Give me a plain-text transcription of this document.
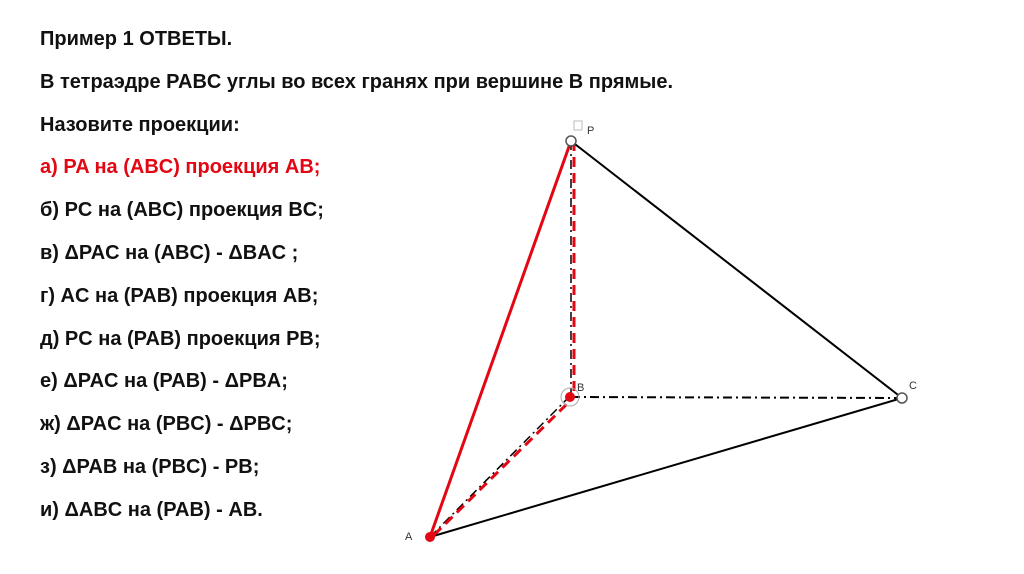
Пример 1 ОТВЕТЫ.
В тетраэдре PABC углы во всех гранях при вершине В прямые.
Назовите проекции:
а) PA на (ABC) проекция AB;
б) PC на (ABC) проекция BC;
в) ΔPAC на (ABC) - ΔBAC ;
г) AC на (PAB) проекция AB;
д) PC на (PAB) проекция PB;
е) ΔPAC на (PAB) - ΔPBA;
ж) ΔPAC на (PBC) - ΔPBC;
з) ΔPAB на (PBC) - PB;
и) ΔABC на (PAB) - AB.
P
B	C
A
